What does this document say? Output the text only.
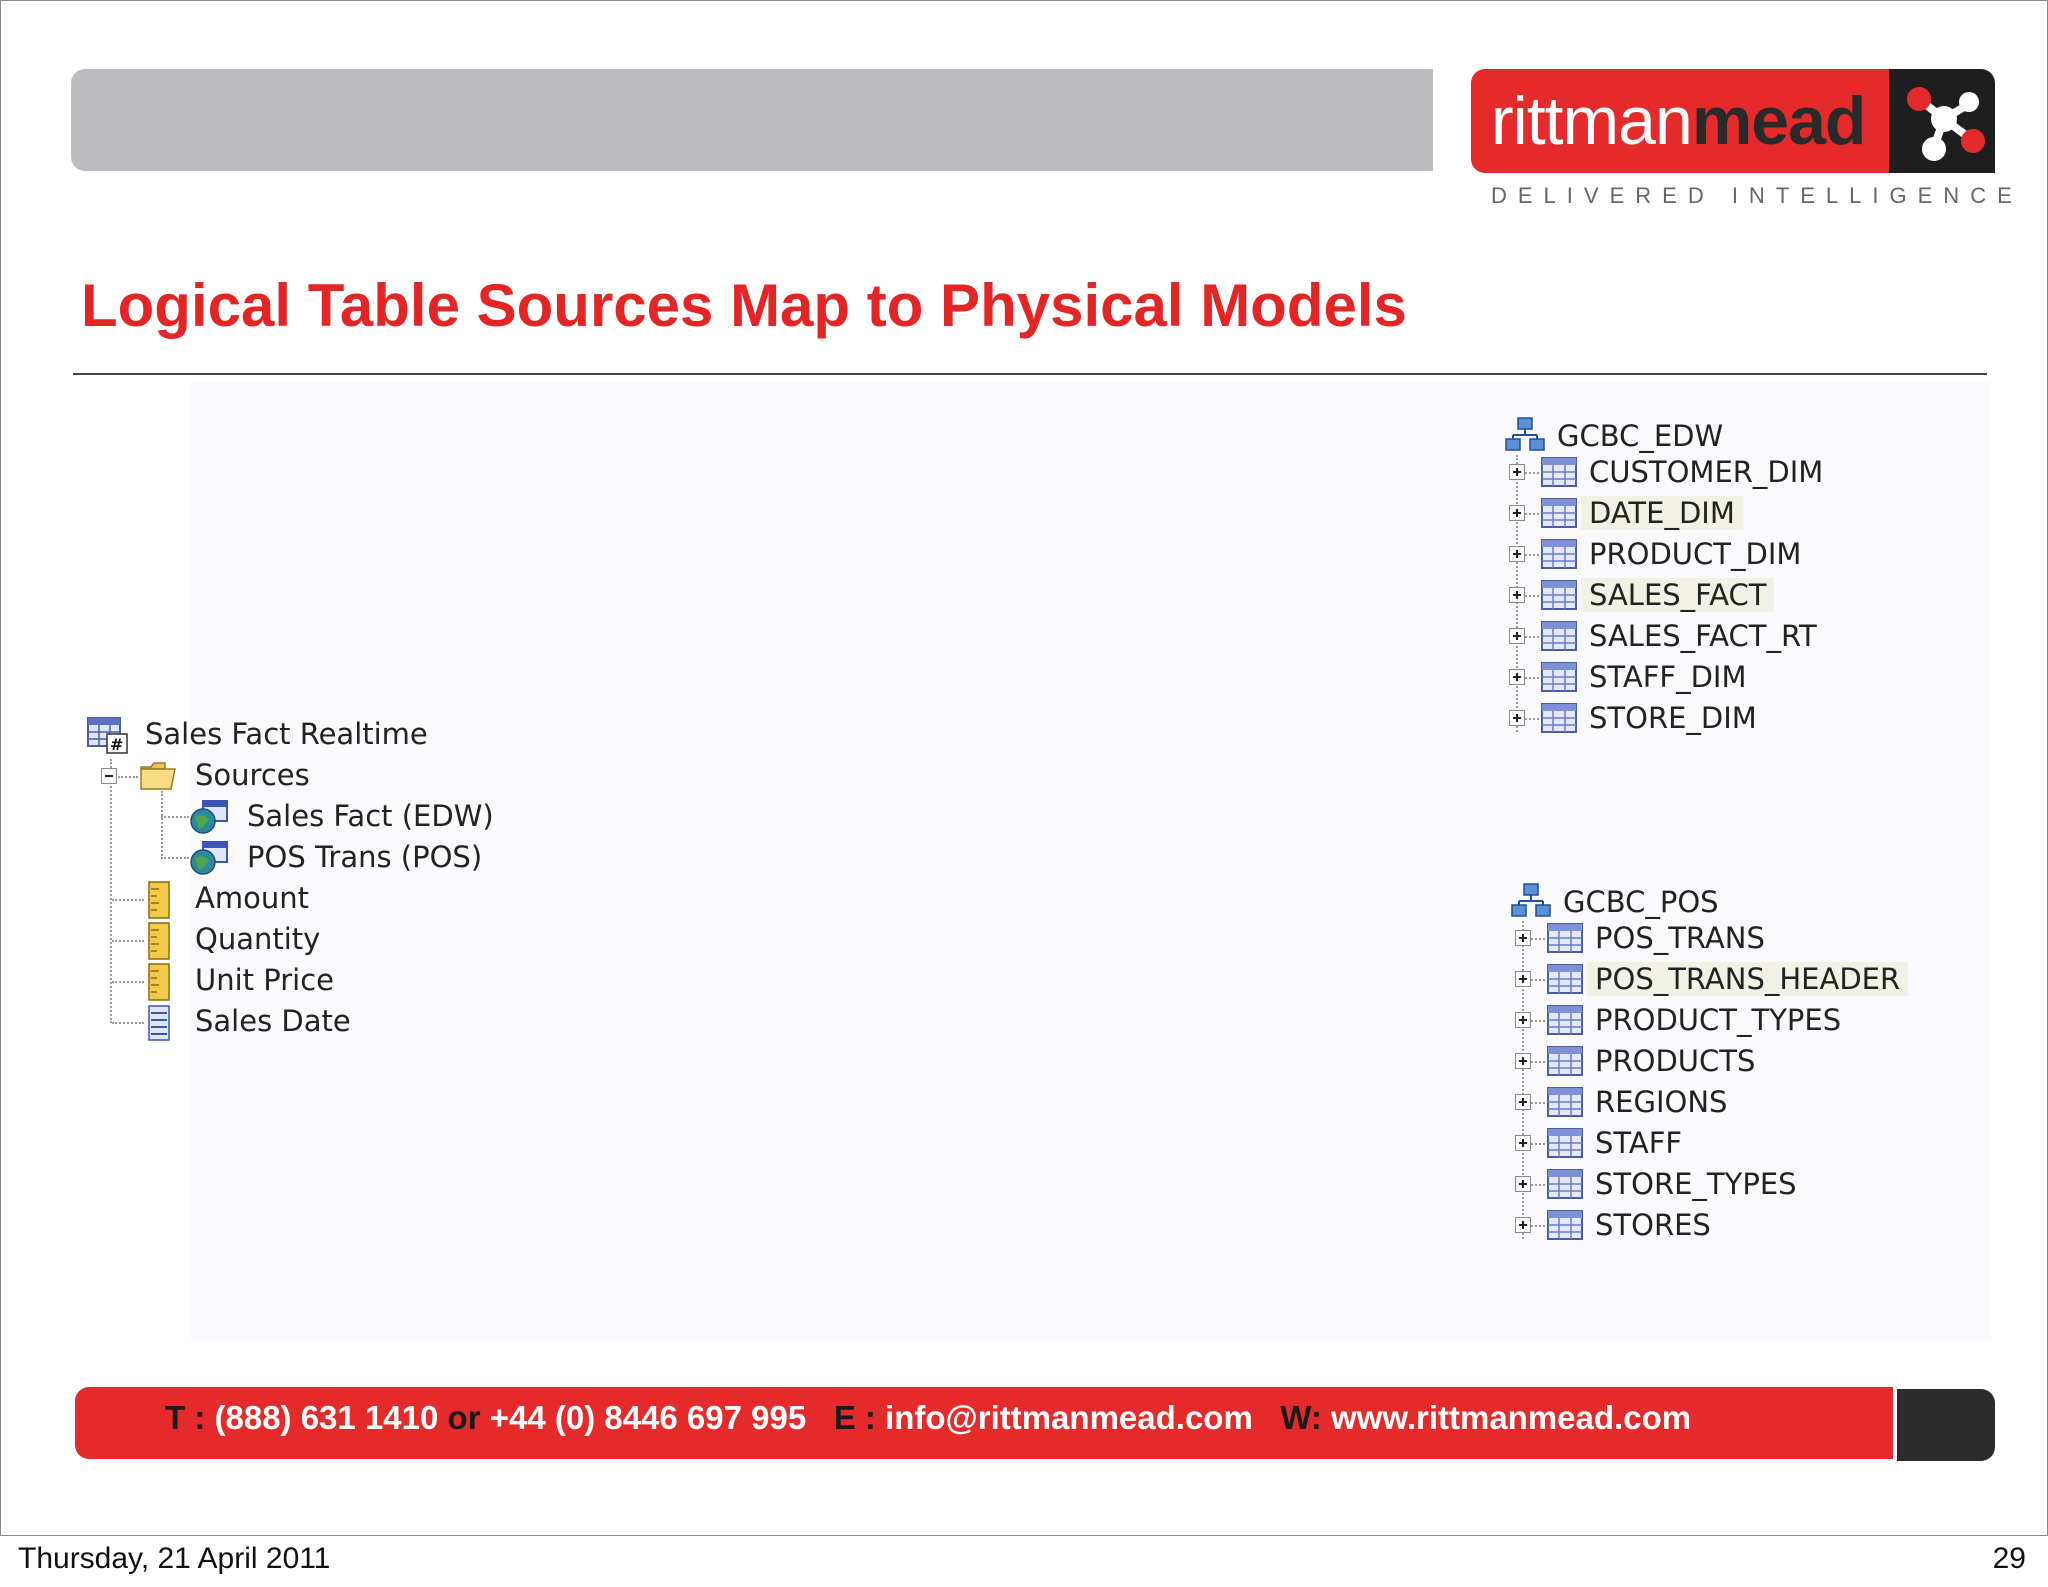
rittmanmead
DELIVERED INTELLIGENCE
Logical Table Sources Map to Physical Models
# Sales Fact Realtime
Sources
Sales Fact (EDW)
POS Trans (POS)
Amount
Quantity
Unit Price
Sales Date
GCBC_EDW
CUSTOMER_DIM
DATE_DIM
PRODUCT_DIM
SALES_FACT
SALES_FACT_RT
STAFF_DIM
STORE_DIM
GCBC_POS
POS_TRANS
POS_TRANS_HEADER
PRODUCT_TYPES
PRODUCTS
REGIONS
STAFF
STORE_TYPES
STORES
T : (888) 631 1410 or +44 (0) 8446 697 995 E : info@rittmanmead.com W: www.rittmanmead.com
Thursday, 21 April 2011	29
